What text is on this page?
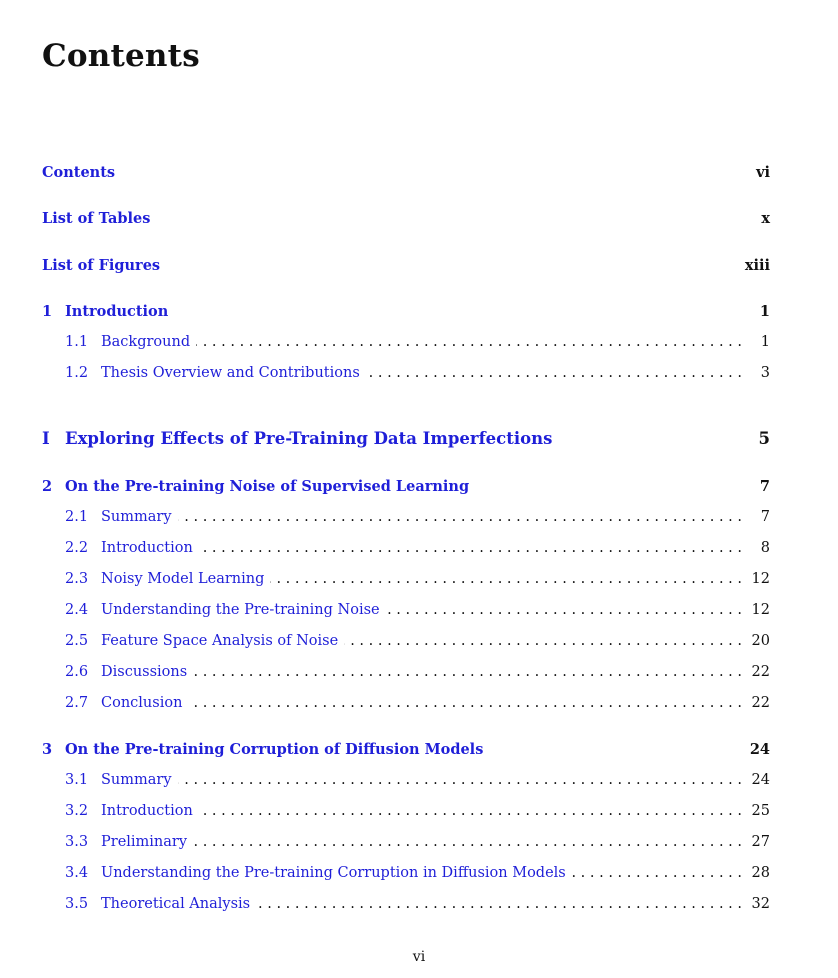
Contents
Contents	vi
List of Tables	x
List of Figures	xiii
1 Introduction	1
1.1 Background . . .	1
1.2 Thesis Overview and Contributions . . .	3
I Exploring Effects of Pre-Training Data Imperfections	5
2 On the Pre-training Noise of Supervised Learning	7
2.1 Summary . . .	7
2.2 Introduction . . .	8
2.3 Noisy Model Learning . . .	12
2.4 Understanding the Pre-training Noise . . .	12
2.5 Feature Space Analysis of Noise . . .	20
2.6 Discussions . . .	22
2.7 Conclusion . . .	22
3 On the Pre-training Corruption of Diffusion Models	24
3.1 Summary . . .	24
3.2 Introduction . . .	25
3.3 Preliminary . . .	27
3.4 Understanding the Pre-training Corruption in Diffusion Models . . .	28
3.5 Theoretical Analysis . . .	32
vi
